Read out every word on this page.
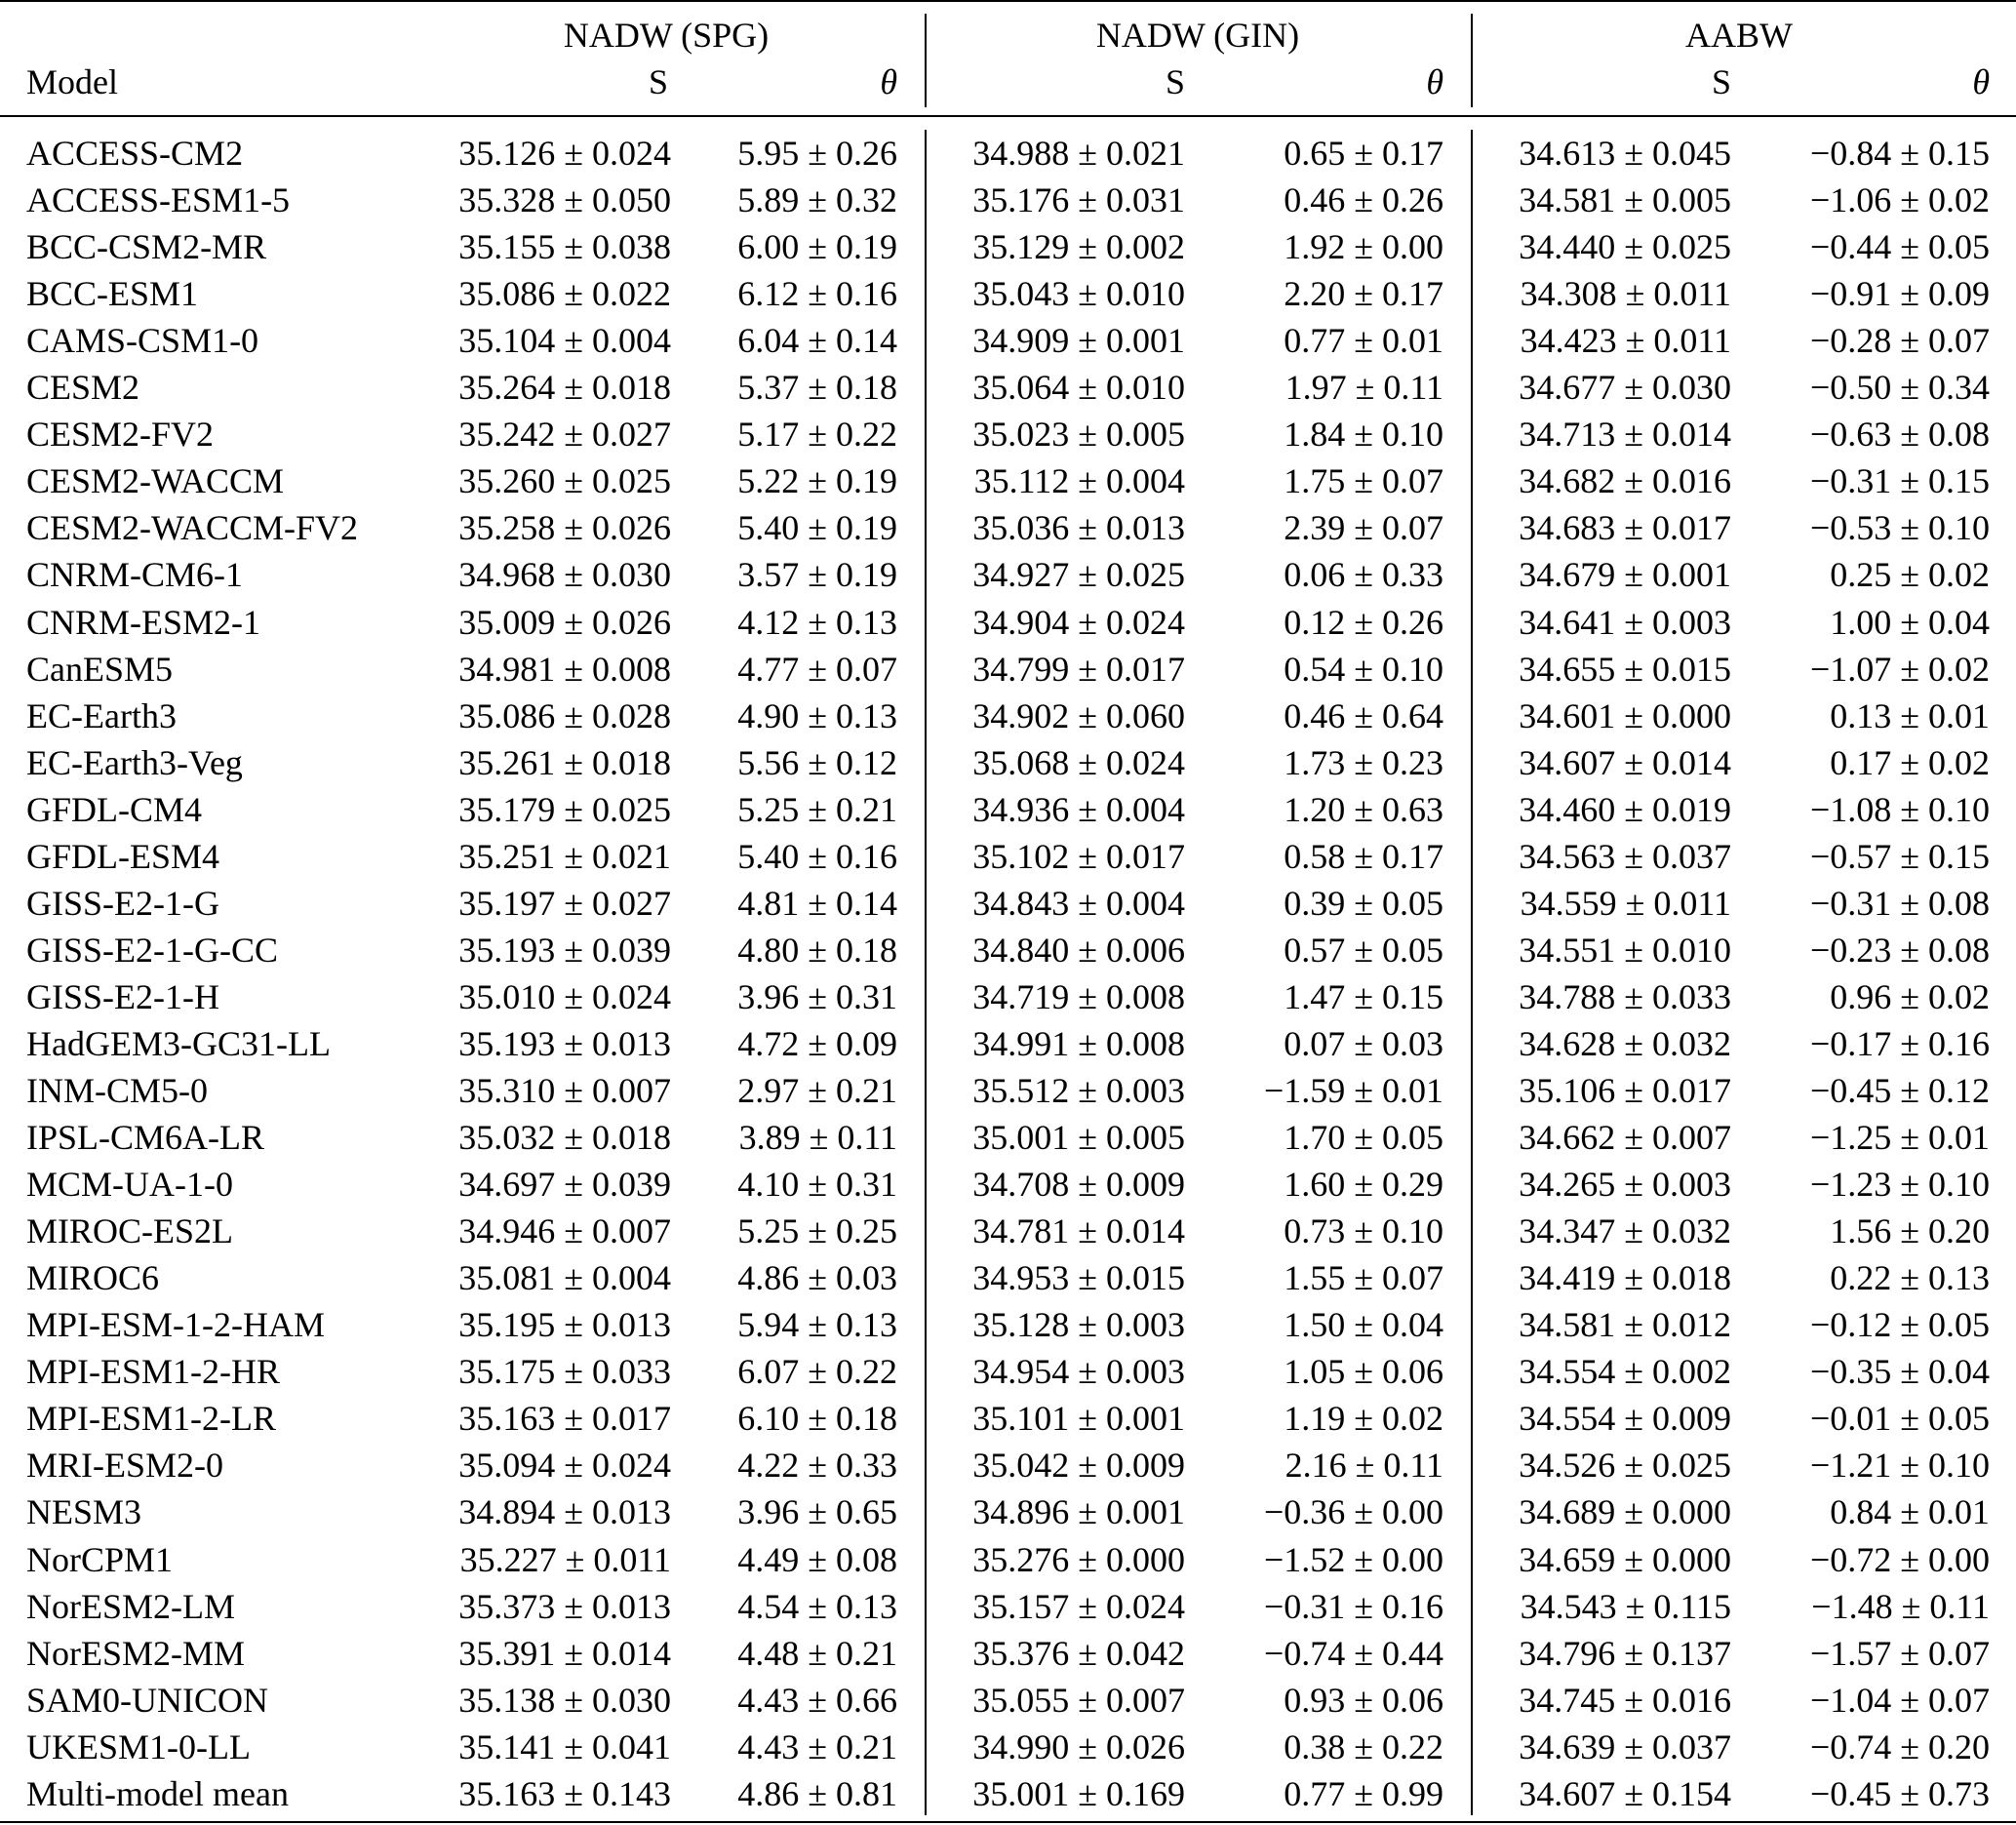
NADW (SPG)	NADW (GIN)	AABW
Model	S	θ	S	θ	S	θ
ACCESS-CM2	35.126 ± 0.024	5.95 ± 0.26	34.988 ± 0.021	0.65 ± 0.17	34.613 ± 0.045	−0.84 ± 0.15
ACCESS-ESM1-5	35.328 ± 0.050	5.89 ± 0.32	35.176 ± 0.031	0.46 ± 0.26	34.581 ± 0.005	−1.06 ± 0.02
BCC-CSM2-MR	35.155 ± 0.038	6.00 ± 0.19	35.129 ± 0.002	1.92 ± 0.00	34.440 ± 0.025	−0.44 ± 0.05
BCC-ESM1	35.086 ± 0.022	6.12 ± 0.16	35.043 ± 0.010	2.20 ± 0.17	34.308 ± 0.011	−0.91 ± 0.09
CAMS-CSM1-0	35.104 ± 0.004	6.04 ± 0.14	34.909 ± 0.001	0.77 ± 0.01	34.423 ± 0.011	−0.28 ± 0.07
CESM2	35.264 ± 0.018	5.37 ± 0.18	35.064 ± 0.010	1.97 ± 0.11	34.677 ± 0.030	−0.50 ± 0.34
CESM2-FV2	35.242 ± 0.027	5.17 ± 0.22	35.023 ± 0.005	1.84 ± 0.10	34.713 ± 0.014	−0.63 ± 0.08
CESM2-WACCM	35.260 ± 0.025	5.22 ± 0.19	35.112 ± 0.004	1.75 ± 0.07	34.682 ± 0.016	−0.31 ± 0.15
CESM2-WACCM-FV2	35.258 ± 0.026	5.40 ± 0.19	35.036 ± 0.013	2.39 ± 0.07	34.683 ± 0.017	−0.53 ± 0.10
CNRM-CM6-1	34.968 ± 0.030	3.57 ± 0.19	34.927 ± 0.025	0.06 ± 0.33	34.679 ± 0.001	0.25 ± 0.02
CNRM-ESM2-1	35.009 ± 0.026	4.12 ± 0.13	34.904 ± 0.024	0.12 ± 0.26	34.641 ± 0.003	1.00 ± 0.04
CanESM5	34.981 ± 0.008	4.77 ± 0.07	34.799 ± 0.017	0.54 ± 0.10	34.655 ± 0.015	−1.07 ± 0.02
EC-Earth3	35.086 ± 0.028	4.90 ± 0.13	34.902 ± 0.060	0.46 ± 0.64	34.601 ± 0.000	0.13 ± 0.01
EC-Earth3-Veg	35.261 ± 0.018	5.56 ± 0.12	35.068 ± 0.024	1.73 ± 0.23	34.607 ± 0.014	0.17 ± 0.02
GFDL-CM4	35.179 ± 0.025	5.25 ± 0.21	34.936 ± 0.004	1.20 ± 0.63	34.460 ± 0.019	−1.08 ± 0.10
GFDL-ESM4	35.251 ± 0.021	5.40 ± 0.16	35.102 ± 0.017	0.58 ± 0.17	34.563 ± 0.037	−0.57 ± 0.15
GISS-E2-1-G	35.197 ± 0.027	4.81 ± 0.14	34.843 ± 0.004	0.39 ± 0.05	34.559 ± 0.011	−0.31 ± 0.08
GISS-E2-1-G-CC	35.193 ± 0.039	4.80 ± 0.18	34.840 ± 0.006	0.57 ± 0.05	34.551 ± 0.010	−0.23 ± 0.08
GISS-E2-1-H	35.010 ± 0.024	3.96 ± 0.31	34.719 ± 0.008	1.47 ± 0.15	34.788 ± 0.033	0.96 ± 0.02
HadGEM3-GC31-LL	35.193 ± 0.013	4.72 ± 0.09	34.991 ± 0.008	0.07 ± 0.03	34.628 ± 0.032	−0.17 ± 0.16
INM-CM5-0	35.310 ± 0.007	2.97 ± 0.21	35.512 ± 0.003	−1.59 ± 0.01	35.106 ± 0.017	−0.45 ± 0.12
IPSL-CM6A-LR	35.032 ± 0.018	3.89 ± 0.11	35.001 ± 0.005	1.70 ± 0.05	34.662 ± 0.007	−1.25 ± 0.01
MCM-UA-1-0	34.697 ± 0.039	4.10 ± 0.31	34.708 ± 0.009	1.60 ± 0.29	34.265 ± 0.003	−1.23 ± 0.10
MIROC-ES2L	34.946 ± 0.007	5.25 ± 0.25	34.781 ± 0.014	0.73 ± 0.10	34.347 ± 0.032	1.56 ± 0.20
MIROC6	35.081 ± 0.004	4.86 ± 0.03	34.953 ± 0.015	1.55 ± 0.07	34.419 ± 0.018	0.22 ± 0.13
MPI-ESM-1-2-HAM	35.195 ± 0.013	5.94 ± 0.13	35.128 ± 0.003	1.50 ± 0.04	34.581 ± 0.012	−0.12 ± 0.05
MPI-ESM1-2-HR	35.175 ± 0.033	6.07 ± 0.22	34.954 ± 0.003	1.05 ± 0.06	34.554 ± 0.002	−0.35 ± 0.04
MPI-ESM1-2-LR	35.163 ± 0.017	6.10 ± 0.18	35.101 ± 0.001	1.19 ± 0.02	34.554 ± 0.009	−0.01 ± 0.05
MRI-ESM2-0	35.094 ± 0.024	4.22 ± 0.33	35.042 ± 0.009	2.16 ± 0.11	34.526 ± 0.025	−1.21 ± 0.10
NESM3	34.894 ± 0.013	3.96 ± 0.65	34.896 ± 0.001	−0.36 ± 0.00	34.689 ± 0.000	0.84 ± 0.01
NorCPM1	35.227 ± 0.011	4.49 ± 0.08	35.276 ± 0.000	−1.52 ± 0.00	34.659 ± 0.000	−0.72 ± 0.00
NorESM2-LM	35.373 ± 0.013	4.54 ± 0.13	35.157 ± 0.024	−0.31 ± 0.16	34.543 ± 0.115	−1.48 ± 0.11
NorESM2-MM	35.391 ± 0.014	4.48 ± 0.21	35.376 ± 0.042	−0.74 ± 0.44	34.796 ± 0.137	−1.57 ± 0.07
SAM0-UNICON	35.138 ± 0.030	4.43 ± 0.66	35.055 ± 0.007	0.93 ± 0.06	34.745 ± 0.016	−1.04 ± 0.07
UKESM1-0-LL	35.141 ± 0.041	4.43 ± 0.21	34.990 ± 0.026	0.38 ± 0.22	34.639 ± 0.037	−0.74 ± 0.20
Multi-model mean	35.163 ± 0.143	4.86 ± 0.81	35.001 ± 0.169	0.77 ± 0.99	34.607 ± 0.154	−0.45 ± 0.73
